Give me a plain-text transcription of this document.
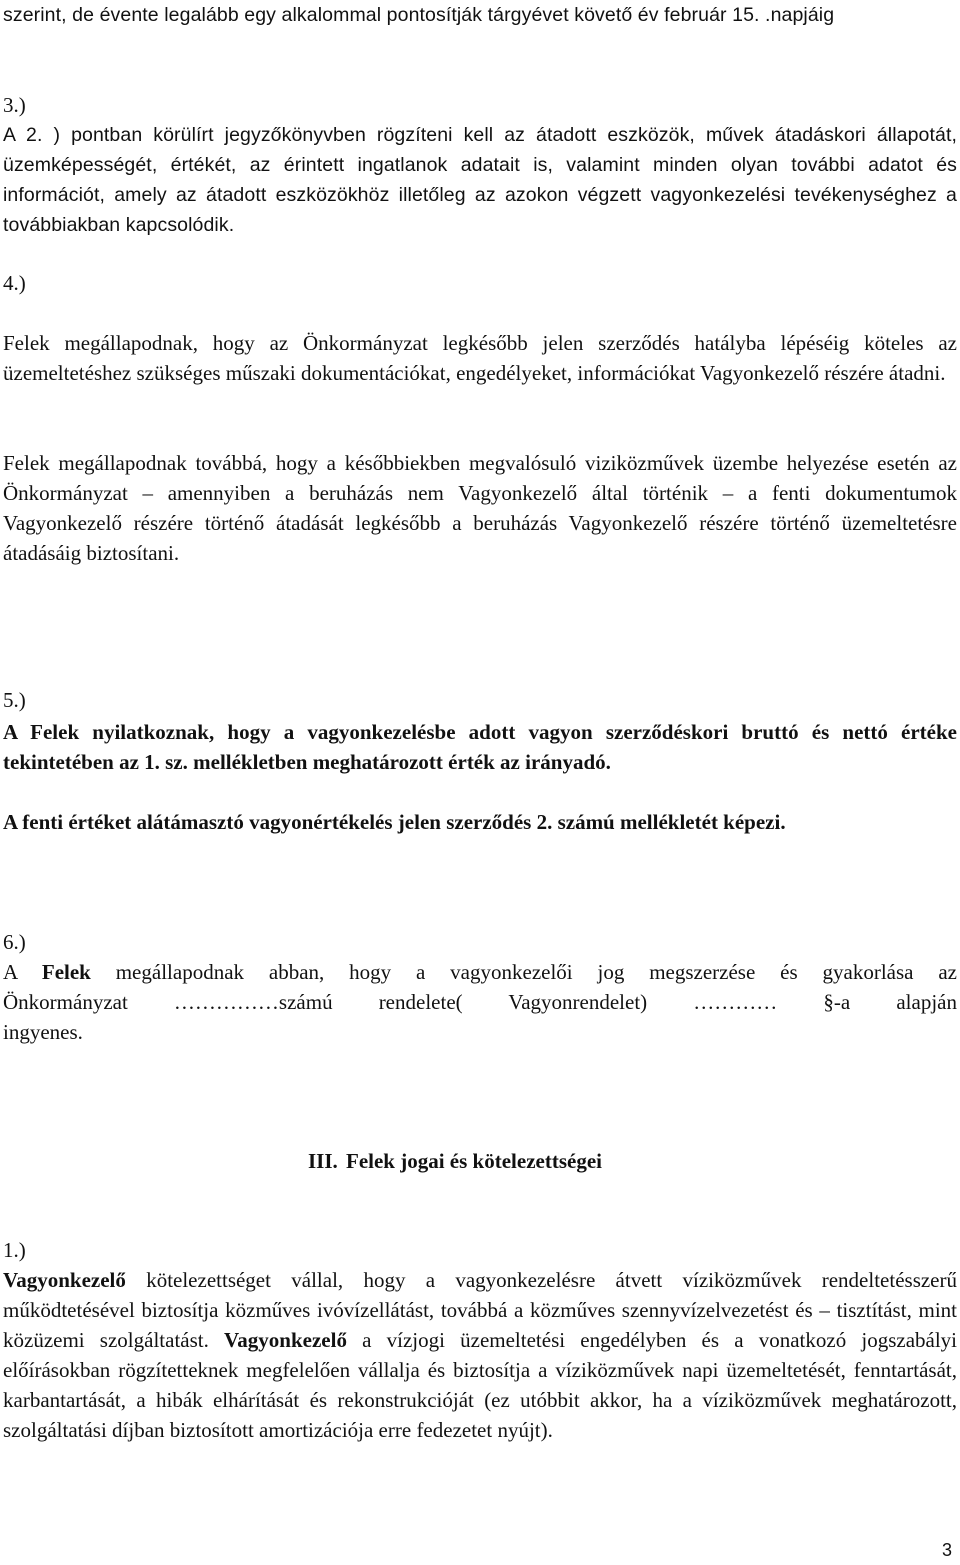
szerint, de évente legalább egy alkalommal pontosítják tárgyévet követő év február 15. .napjáig
3.)
A 2. ) pontban körülírt jegyzőkönyvben rögzíteni kell az átadott eszközök, művek átadáskori állapotát, üzemképességét, értékét, az érintett ingatlanok adatait is, valamint minden olyan további adatot és információt, amely az átadott eszközökhöz illetőleg az azokon végzett vagyonkezelési tevékenységhez a továbbiakban kapcsolódik.
4.)
Felek megállapodnak, hogy az Önkormányzat legkésőbb jelen szerződés hatályba lépéséig köteles az üzemeltetéshez szükséges műszaki dokumentációkat, engedélyeket, információkat Vagyonkezelő részére átadni.
Felek megállapodnak továbbá, hogy a későbbiekben megvalósuló viziközművek üzembe helyezése esetén az Önkormányzat – amennyiben a beruházás nem Vagyonkezelő által történik – a fenti dokumentumok Vagyonkezelő részére történő átadását legkésőbb a beruházás Vagyonkezelő részére történő üzemeltetésre átadásáig biztosítani.
5.)
A Felek nyilatkoznak, hogy a vagyonkezelésbe adott vagyon szerződéskori bruttó és nettó értéke tekintetében az 1. sz. mellékletben meghatározott érték az irányadó.
A fenti értéket alátámasztó vagyonértékelés jelen szerződés 2. számú mellékletét képezi.
6.)
A Felek megállapodnak abban, hogy a vagyonkezelői jog megszerzése és gyakorlása az
Önkormányzat ……………számú rendelete( Vagyonrendelet) ………… §-a alapján
ingyenes.
III. Felek jogai és kötelezettségei
1.)
Vagyonkezelő kötelezettséget vállal, hogy a vagyonkezelésre átvett víziközművek rendeltetésszerű működtetésével biztosítja közműves ivóvízellátást, továbbá a közműves szennyvízelvezetést és – tisztítást, mint közüzemi szolgáltatást. Vagyonkezelő a vízjogi üzemeltetési engedélyben és a vonatkozó jogszabályi előírásokban rögzítetteknek megfelelően vállalja és biztosítja a víziközművek napi üzemeltetését, fenntartását, karbantartását, a hibák elhárítását és rekonstrukcióját (ez utóbbit akkor, ha a víziközművek meghatározott, szolgáltatási díjban biztosított amortizációja erre fedezetet nyújt).
3
